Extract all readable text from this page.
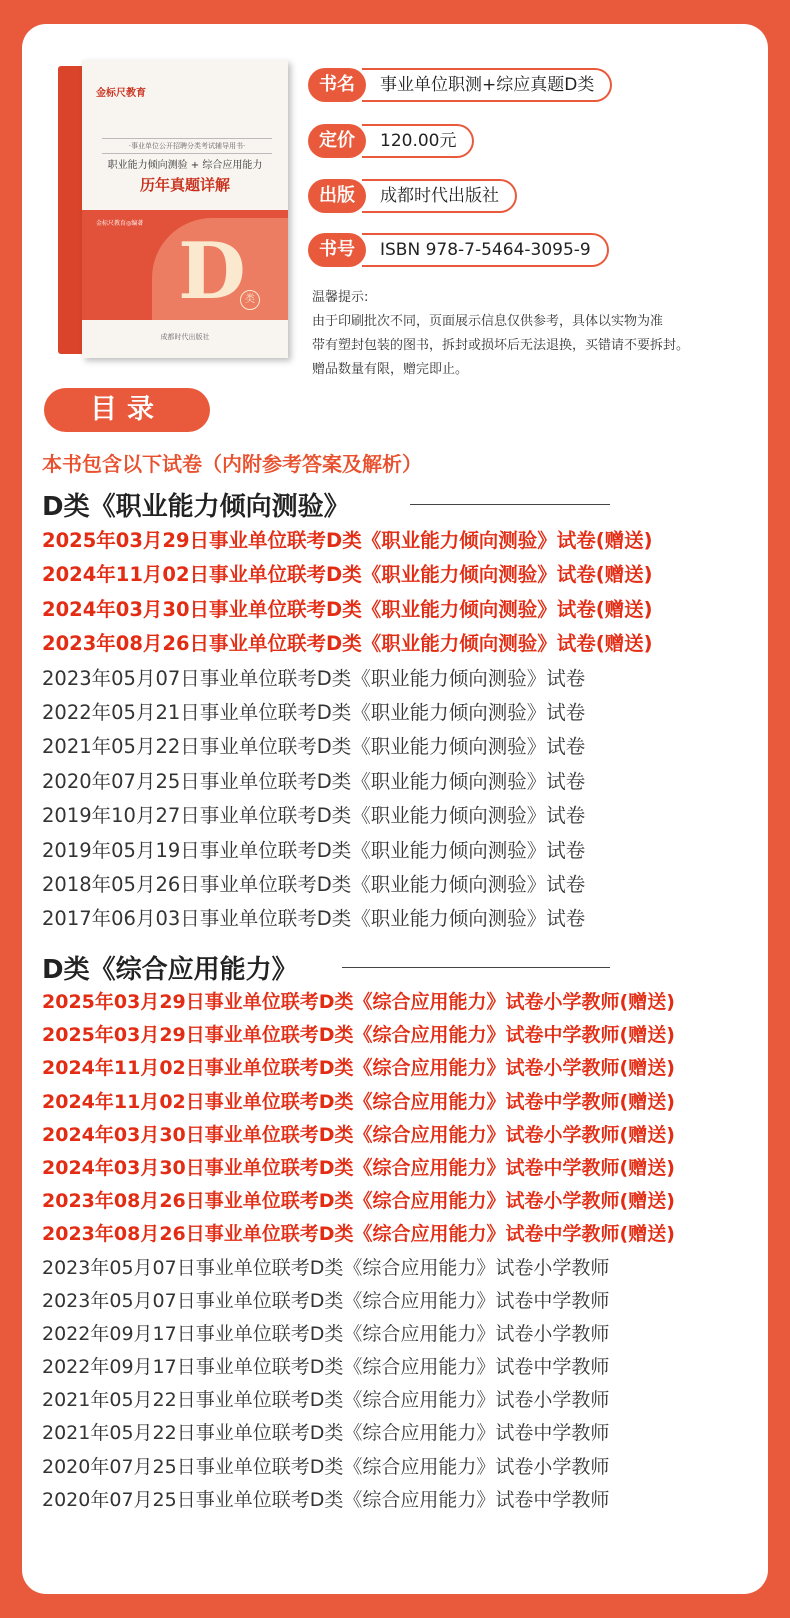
金标尺教育
·事业单位公开招聘分类考试辅导用书·
职业能力倾向测验 + 综合应用能力
历年真题详解
金标尺教育◎编著
D 类
成都时代出版社
事业单位职测+综应真题D类
书名
120.00元
定价
成都时代出版社
出版
ISBN 978-7-5464-3095-9
书号
温馨提示:
由于印刷批次不同，页面展示信息仅供参考，具体以实物为准
带有塑封包装的图书，拆封或损坏后无法退换，买错请不要拆封。
赠品数量有限，赠完即止。
目录
本书包含以下试卷（内附参考答案及解析）
D类《职业能力倾向测验》
2025年03月29日事业单位联考D类《职业能力倾向测验》试卷(赠送)
2024年11月02日事业单位联考D类《职业能力倾向测验》试卷(赠送)
2024年03月30日事业单位联考D类《职业能力倾向测验》试卷(赠送)
2023年08月26日事业单位联考D类《职业能力倾向测验》试卷(赠送)
2023年05月07日事业单位联考D类《职业能力倾向测验》试卷
2022年05月21日事业单位联考D类《职业能力倾向测验》试卷
2021年05月22日事业单位联考D类《职业能力倾向测验》试卷
2020年07月25日事业单位联考D类《职业能力倾向测验》试卷
2019年10月27日事业单位联考D类《职业能力倾向测验》试卷
2019年05月19日事业单位联考D类《职业能力倾向测验》试卷
2018年05月26日事业单位联考D类《职业能力倾向测验》试卷
2017年06月03日事业单位联考D类《职业能力倾向测验》试卷
D类《综合应用能力》
2025年03月29日事业单位联考D类《综合应用能力》试卷小学教师(赠送)
2025年03月29日事业单位联考D类《综合应用能力》试卷中学教师(赠送)
2024年11月02日事业单位联考D类《综合应用能力》试卷小学教师(赠送)
2024年11月02日事业单位联考D类《综合应用能力》试卷中学教师(赠送)
2024年03月30日事业单位联考D类《综合应用能力》试卷小学教师(赠送)
2024年03月30日事业单位联考D类《综合应用能力》试卷中学教师(赠送)
2023年08月26日事业单位联考D类《综合应用能力》试卷小学教师(赠送)
2023年08月26日事业单位联考D类《综合应用能力》试卷中学教师(赠送)
2023年05月07日事业单位联考D类《综合应用能力》试卷小学教师
2023年05月07日事业单位联考D类《综合应用能力》试卷中学教师
2022年09月17日事业单位联考D类《综合应用能力》试卷小学教师
2022年09月17日事业单位联考D类《综合应用能力》试卷中学教师
2021年05月22日事业单位联考D类《综合应用能力》试卷小学教师
2021年05月22日事业单位联考D类《综合应用能力》试卷中学教师
2020年07月25日事业单位联考D类《综合应用能力》试卷小学教师
2020年07月25日事业单位联考D类《综合应用能力》试卷中学教师
